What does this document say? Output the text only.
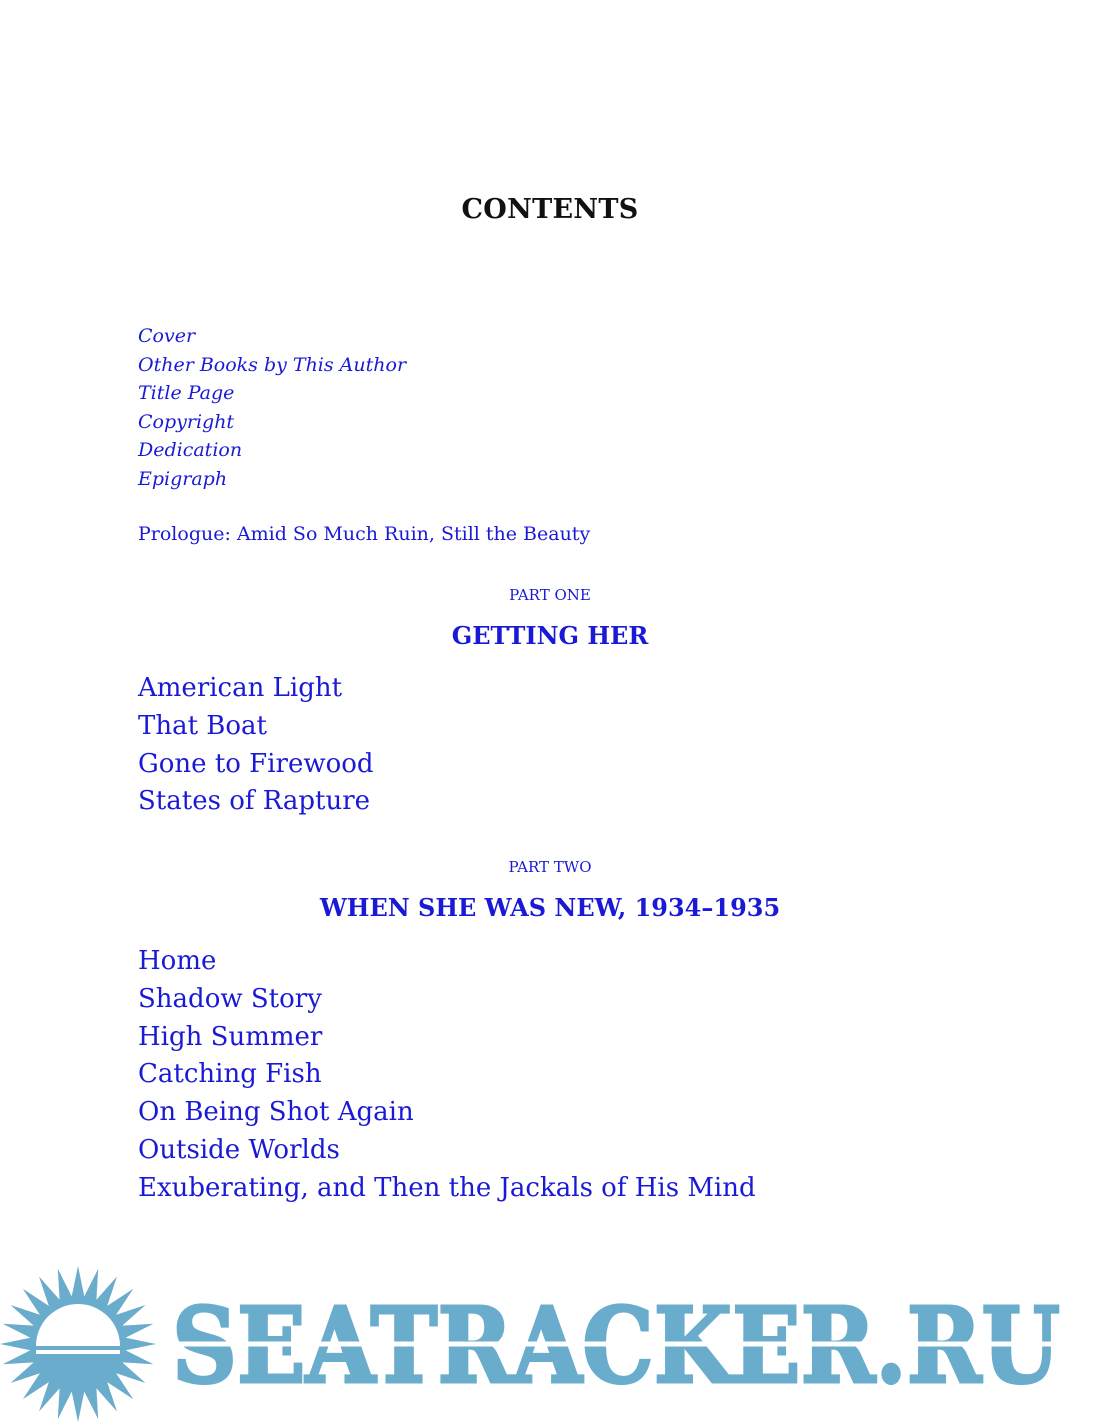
CONTENTS
Cover
Other Books by This Author
Title Page
Copyright
Dedication
Epigraph
Prologue: Amid So Much Ruin, Still the Beauty
PART ONE
GETTING HER
American Light
That Boat
Gone to Firewood
States of Rapture
PART TWO
WHEN SHE WAS NEW, 1934–1935
Home
Shadow Story
High Summer
Catching Fish
On Being Shot Again
Outside Worlds
Exuberating, and Then the Jackals of His Mind
SEATRACKER.RU
